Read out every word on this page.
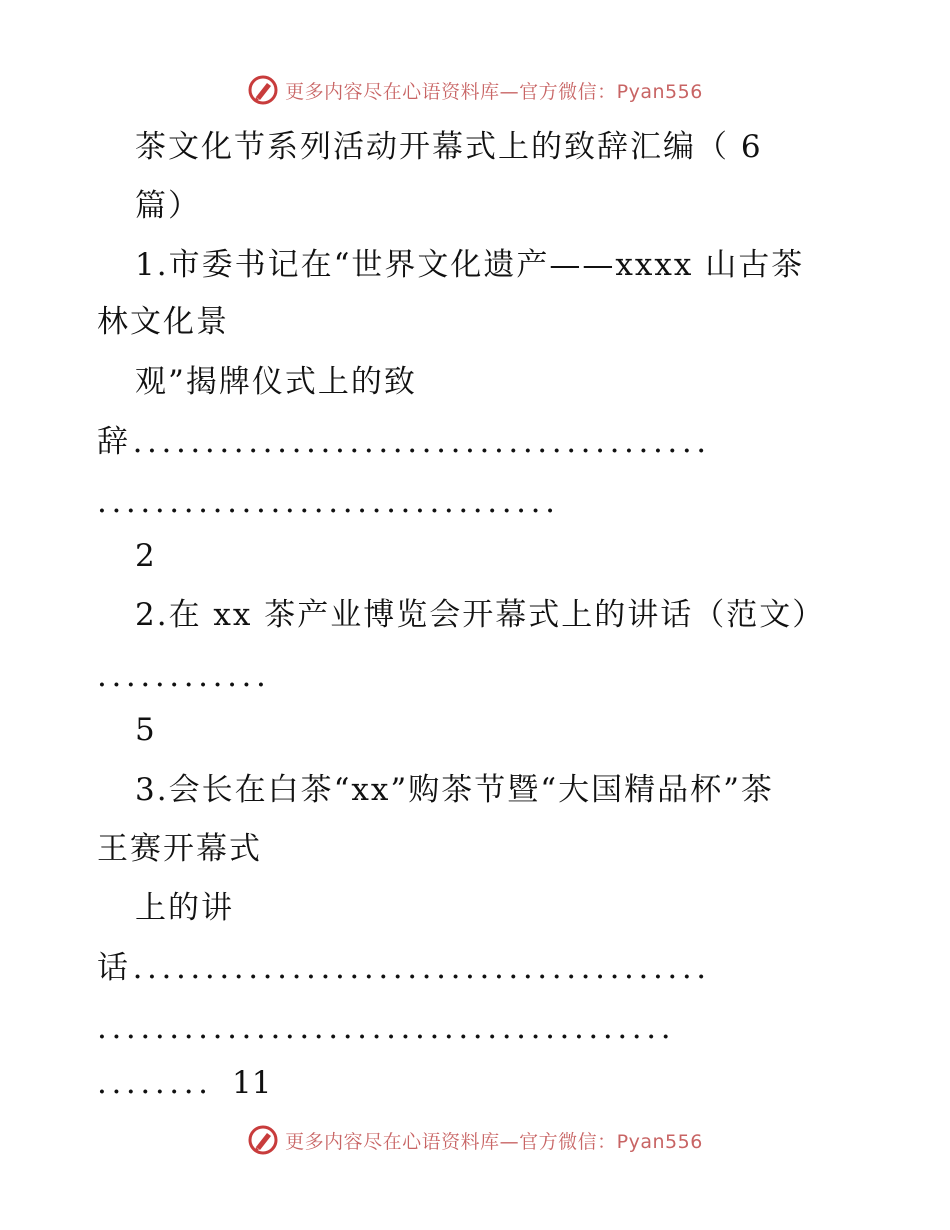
更多内容尽在心语资料库—官方微信：Pyan556
茶文化节系列活动开幕式上的致辞汇编（ 6
篇）
1.市委书记在“世界文化遗产——xxxx 山古茶
林文化景
观”揭牌仪式上的致
辞........................................
................................
2
2.在 xx 茶产业博览会开幕式上的讲话（范文）
............
5
3.会长在白茶“xx”购茶节暨“大国精品杯”茶
王赛开幕式
上的讲
话........................................
........................................
........ 11
更多内容尽在心语资料库—官方微信：Pyan556
